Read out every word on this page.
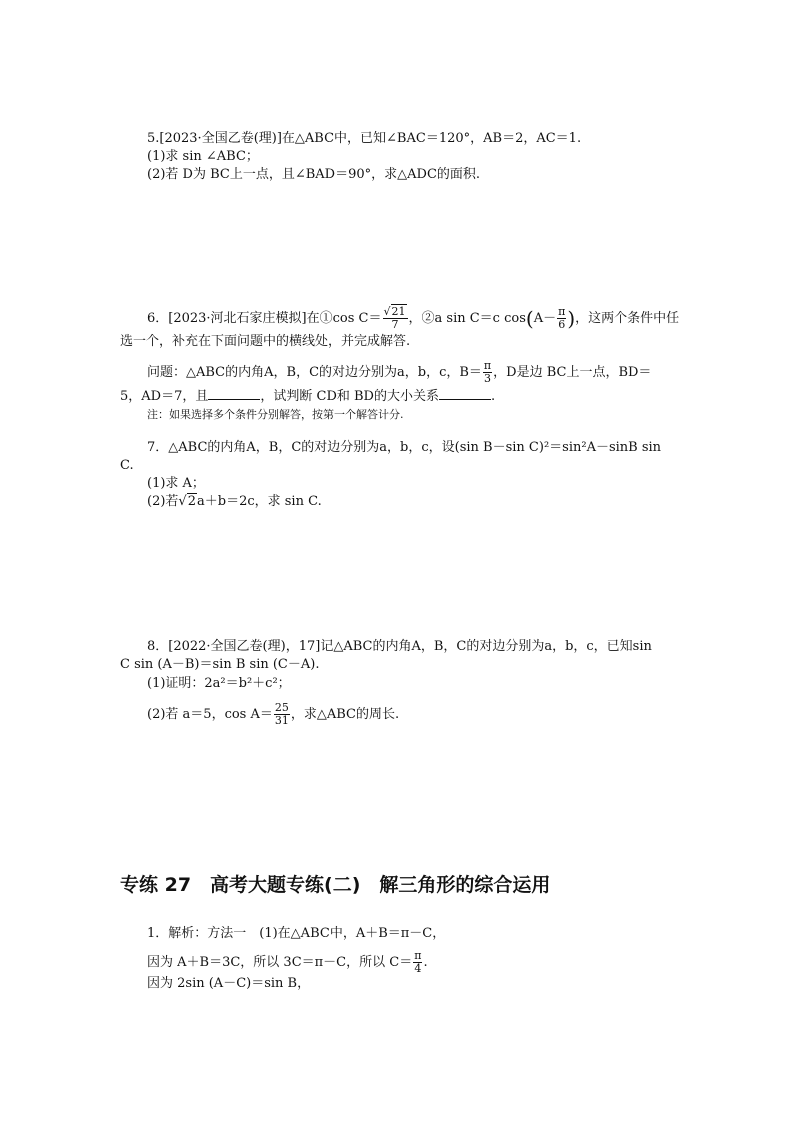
5.[2023·全国乙卷(理)]在△ABC中，已知∠BAC＝120°，AB＝2，AC＝1.
(1)求 sin ∠ABC；
(2)若 D为 BC上一点，且∠BAD＝90°，求△ADC的面积.
6．[2023·河北石家庄模拟]在①cos $C= \frac{√21}{7}$ ，②a sin C＝c $\cos(A- \frac{\pi}{6}$ )，这两个条件中任
选一个，补充在下面问题中的横线处，并完成解答.
问题：△ABC的内角A，B，C的对边分别为a，b，c，$B= \frac{\pi}{3}$ ，D是边 BC上一点，BD＝
5，AD＝7，且	，试判断 CD和 BD的大小关系	.
注：如果选择多个条件分别解答，按第一个解答计分.
7．△ABC的内角A，B，C的对边分别为a，b，c，设(sin B－sin C)²＝sin²A－sinB sin
C.
(1)求 A；
(2)若√2a＋b＝2c，求 sin C.
8．[2022·全国乙卷(理)，17]记△ABC的内角A，B，C的对边分别为a，b，c，已知sin
C sin (A－B)＝sin B sin (C－A).
(1)证明：2a²＝b²＋c²；
(2)若 a＝5，$\cos A= \frac{25}{31}$ ，求△ABC的周长.
专练 27　高考大题专练(二)　解三角形的综合运用
1．解析：方法一　(1)在△ABC中，A＋B＝π－C，
因为 A＋B＝3C，所以 3C＝π－C，所以 $C= \frac{\pi}{4}$ .
因为 2sin (A－C)＝sin B，
